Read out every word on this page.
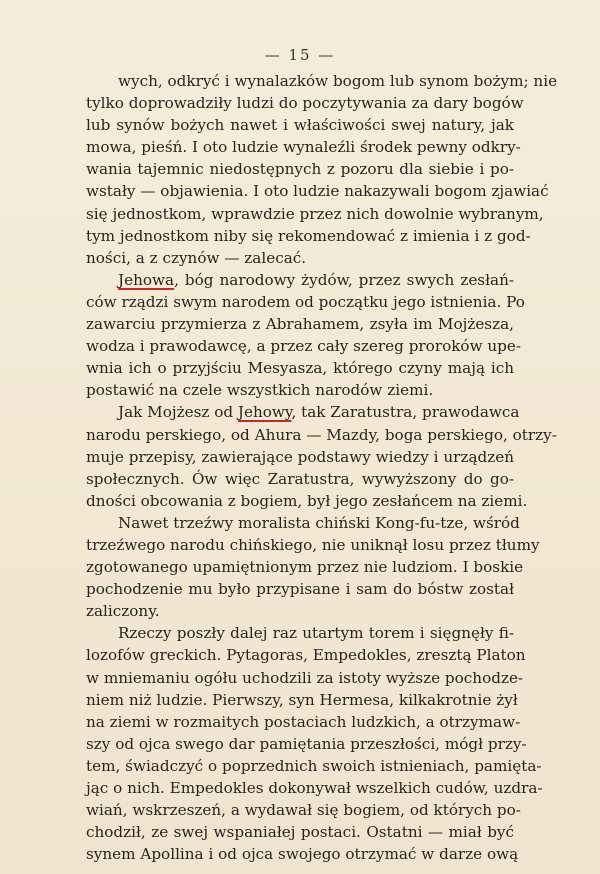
— 15 —
wych, odkryć i wynalazków bogom lub synom bożym; nie
tylko doprowadziły ludzi do poczytywania za dary bogów
lub synów bożych nawet i właściwości swej natury, jak
mowa, pieśń. I oto ludzie wynaleźli środek pewny odkry-
wania tajemnic niedostępnych z pozoru dla siebie i po-
wstały — objawienia. I oto ludzie nakazywali bogom zjawiać
się jednostkom, wprawdzie przez nich dowolnie wybranym,
tym jednostkom niby się rekomendować z imienia i z god-
ności, a z czynów — zalecać.
Jehowa, bóg narodowy żydów, przez swych zesłań-
ców rządzi swym narodem od początku jego istnienia. Po
zawarciu przymierza z Abrahamem, zsyła im Mojżesza,
wodza i prawodawcę, a przez cały szereg proroków upe-
wnia ich o przyjściu Mesyasza, którego czyny mają ich
postawić na czele wszystkich narodów ziemi.
Jak Mojżesz od Jehowy, tak Zaratustra, prawodawca
narodu perskiego, od Ahura — Mazdy, boga perskiego, otrzy-
muje przepisy, zawierające podstawy wiedzy i urządzeń
społecznych. Ów więc Zaratustra, wywyższony do go-
dności obcowania z bogiem, był jego zesłańcem na ziemi.
Nawet trzeźwy moralista chiński Kong-fu-tze, wśród
trzeźwego narodu chińskiego, nie uniknął losu przez tłumy
zgotowanego upamiętnionym przez nie ludziom. I boskie
pochodzenie mu było przypisane i sam do bóstw został
zaliczony.
Rzeczy poszły dalej raz utartym torem i sięgnęły fi-
lozofów greckich. Pytagoras, Empedokles, zresztą Platon
w mniemaniu ogółu uchodzili za istoty wyższe pochodze-
niem niż ludzie. Pierwszy, syn Hermesa, kilkakrotnie żył
na ziemi w rozmaitych postaciach ludzkich, a otrzymaw-
szy od ojca swego dar pamiętania przeszłości, mógł przy-
tem, świadczyć o poprzednich swoich istnieniach, pamięta-
jąc o nich. Empedokles dokonywał wszelkich cudów, uzdra-
wiań, wskrzeszeń, a wydawał się bogiem, od których po-
chodził, ze swej wspaniałej postaci. Ostatni — miał być
synem Apollina i od ojca swojego otrzymać w darze ową
